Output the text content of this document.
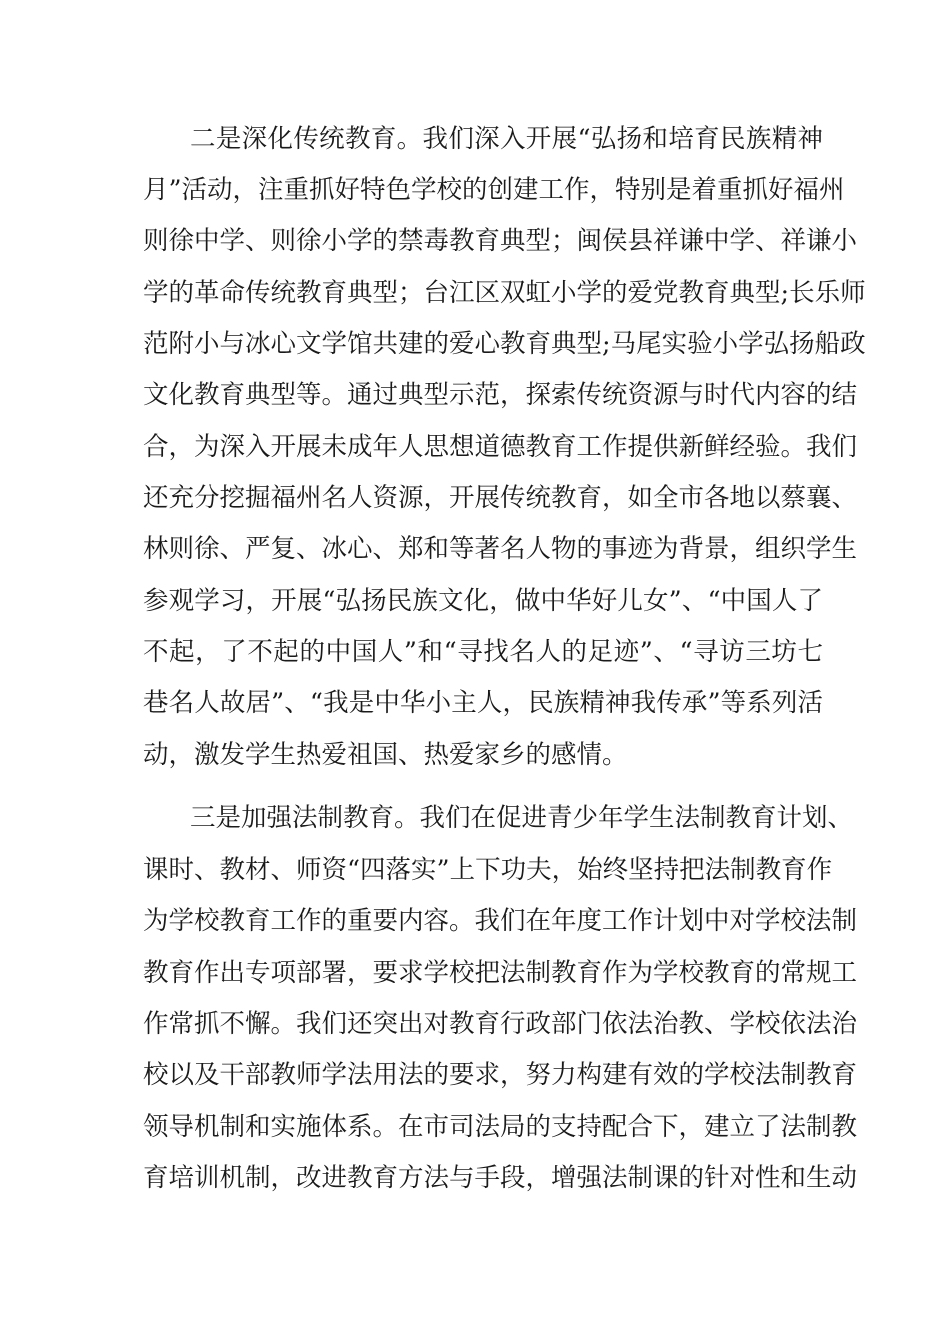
二是深化传统教育。我们深入开展“弘扬和培育民族精神
月”活动，注重抓好特色学校的创建工作，特别是着重抓好福州
则徐中学、则徐小学的禁毒教育典型；闽侯县祥谦中学、祥谦小
学的革命传统教育典型；台江区双虹小学的爱党教育典型;长乐师
范附小与冰心文学馆共建的爱心教育典型;马尾实验小学弘扬船政
文化教育典型等。通过典型示范，探索传统资源与时代内容的结
合，为深入开展未成年人思想道德教育工作提供新鲜经验。我们
还充分挖掘福州名人资源，开展传统教育，如全市各地以蔡襄、
林则徐、严复、冰心、郑和等著名人物的事迹为背景，组织学生
参观学习，开展“弘扬民族文化，做中华好儿女”、“中国人了
不起，了不起的中国人”和“寻找名人的足迹”、“寻访三坊七
巷名人故居”、“我是中华小主人，民族精神我传承”等系列活
动，激发学生热爱祖国、热爱家乡的感情。
三是加强法制教育。我们在促进青少年学生法制教育计划、
课时、教材、师资“四落实”上下功夫，始终坚持把法制教育作
为学校教育工作的重要内容。我们在年度工作计划中对学校法制
教育作出专项部署，要求学校把法制教育作为学校教育的常规工
作常抓不懈。我们还突出对教育行政部门依法治教、学校依法治
校以及干部教师学法用法的要求，努力构建有效的学校法制教育
领导机制和实施体系。在市司法局的支持配合下，建立了法制教
育培训机制，改进教育方法与手段，增强法制课的针对性和生动
